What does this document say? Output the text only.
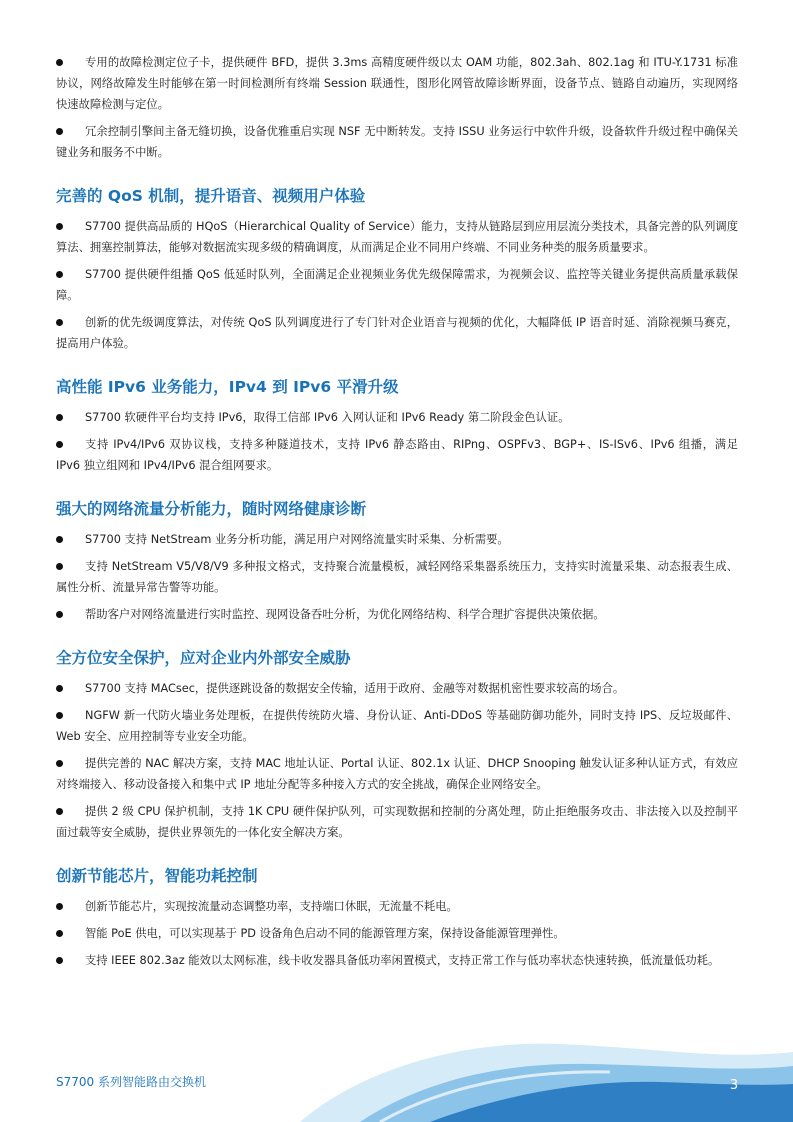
专用的故障检测定位子卡，提供硬件 BFD，提供 3.3ms 高精度硬件级以太 OAM 功能，802.3ah、802.1ag 和 ITU-Y.1731 标准协议，网络故障发生时能够在第一时间检测所有终端 Session 联通性，图形化网管故障诊断界面，设备节点、链路自动遍历，实现网络快速故障检测与定位。
冗余控制引擎间主备无缝切换，设备优雅重启实现 NSF 无中断转发。支持 ISSU 业务运行中软件升级，设备软件升级过程中确保关键业务和服务不中断。
完善的 QoS 机制，提升语音、视频用户体验
S7700 提供高品质的 HQoS（Hierarchical Quality of Service）能力，支持从链路层到应用层流分类技术，具备完善的队列调度算法、拥塞控制算法，能够对数据流实现多级的精确调度，从而满足企业不同用户终端、不同业务种类的服务质量要求。
S7700 提供硬件组播 QoS 低延时队列，全面满足企业视频业务优先级保障需求，为视频会议、监控等关键业务提供高质量承载保障。
创新的优先级调度算法，对传统 QoS 队列调度进行了专门针对企业语音与视频的优化，大幅降低 IP 语音时延、消除视频马赛克，提高用户体验。
高性能 IPv6 业务能力，IPv4 到 IPv6 平滑升级
S7700 软硬件平台均支持 IPv6，取得工信部 IPv6 入网认证和 IPv6 Ready 第二阶段金色认证。
支持 IPv4/IPv6 双协议栈，支持多种隧道技术，支持 IPv6 静态路由、RIPng、OSPFv3、BGP+、IS-ISv6、IPv6 组播，满足 IPv6 独立组网和 IPv4/IPv6 混合组网要求。
强大的网络流量分析能力，随时网络健康诊断
S7700 支持 NetStream 业务分析功能，满足用户对网络流量实时采集、分析需要。
支持 NetStream V5/V8/V9 多种报文格式，支持聚合流量模板，减轻网络采集器系统压力，支持实时流量采集、动态报表生成、属性分析、流量异常告警等功能。
帮助客户对网络流量进行实时监控、现网设备吞吐分析，为优化网络结构、科学合理扩容提供决策依据。
全方位安全保护，应对企业内外部安全威胁
S7700 支持 MACsec，提供逐跳设备的数据安全传输，适用于政府、金融等对数据机密性要求较高的场合。
NGFW 新一代防火墙业务处理板，在提供传统防火墙、身份认证、Anti-DDoS 等基础防御功能外，同时支持 IPS、反垃圾邮件、Web 安全、应用控制等专业安全功能。
提供完善的 NAC 解决方案，支持 MAC 地址认证、Portal 认证、802.1x 认证、DHCP Snooping 触发认证多种认证方式，有效应对终端接入、移动设备接入和集中式 IP 地址分配等多种接入方式的安全挑战，确保企业网络安全。
提供 2 级 CPU 保护机制，支持 1K CPU 硬件保护队列，可实现数据和控制的分离处理，防止拒绝服务攻击、非法接入以及控制平面过载等安全威胁，提供业界领先的一体化安全解决方案。
创新节能芯片，智能功耗控制
创新节能芯片，实现按流量动态调整功率，支持端口休眠，无流量不耗电。
智能 PoE 供电，可以实现基于 PD 设备角色启动不同的能源管理方案，保持设备能源管理弹性。
支持 IEEE 802.3az 能效以太网标准，线卡收发器具备低功率闲置模式，支持正常工作与低功率状态快速转换，低流量低功耗。
S7700 系列智能路由交换机	3
